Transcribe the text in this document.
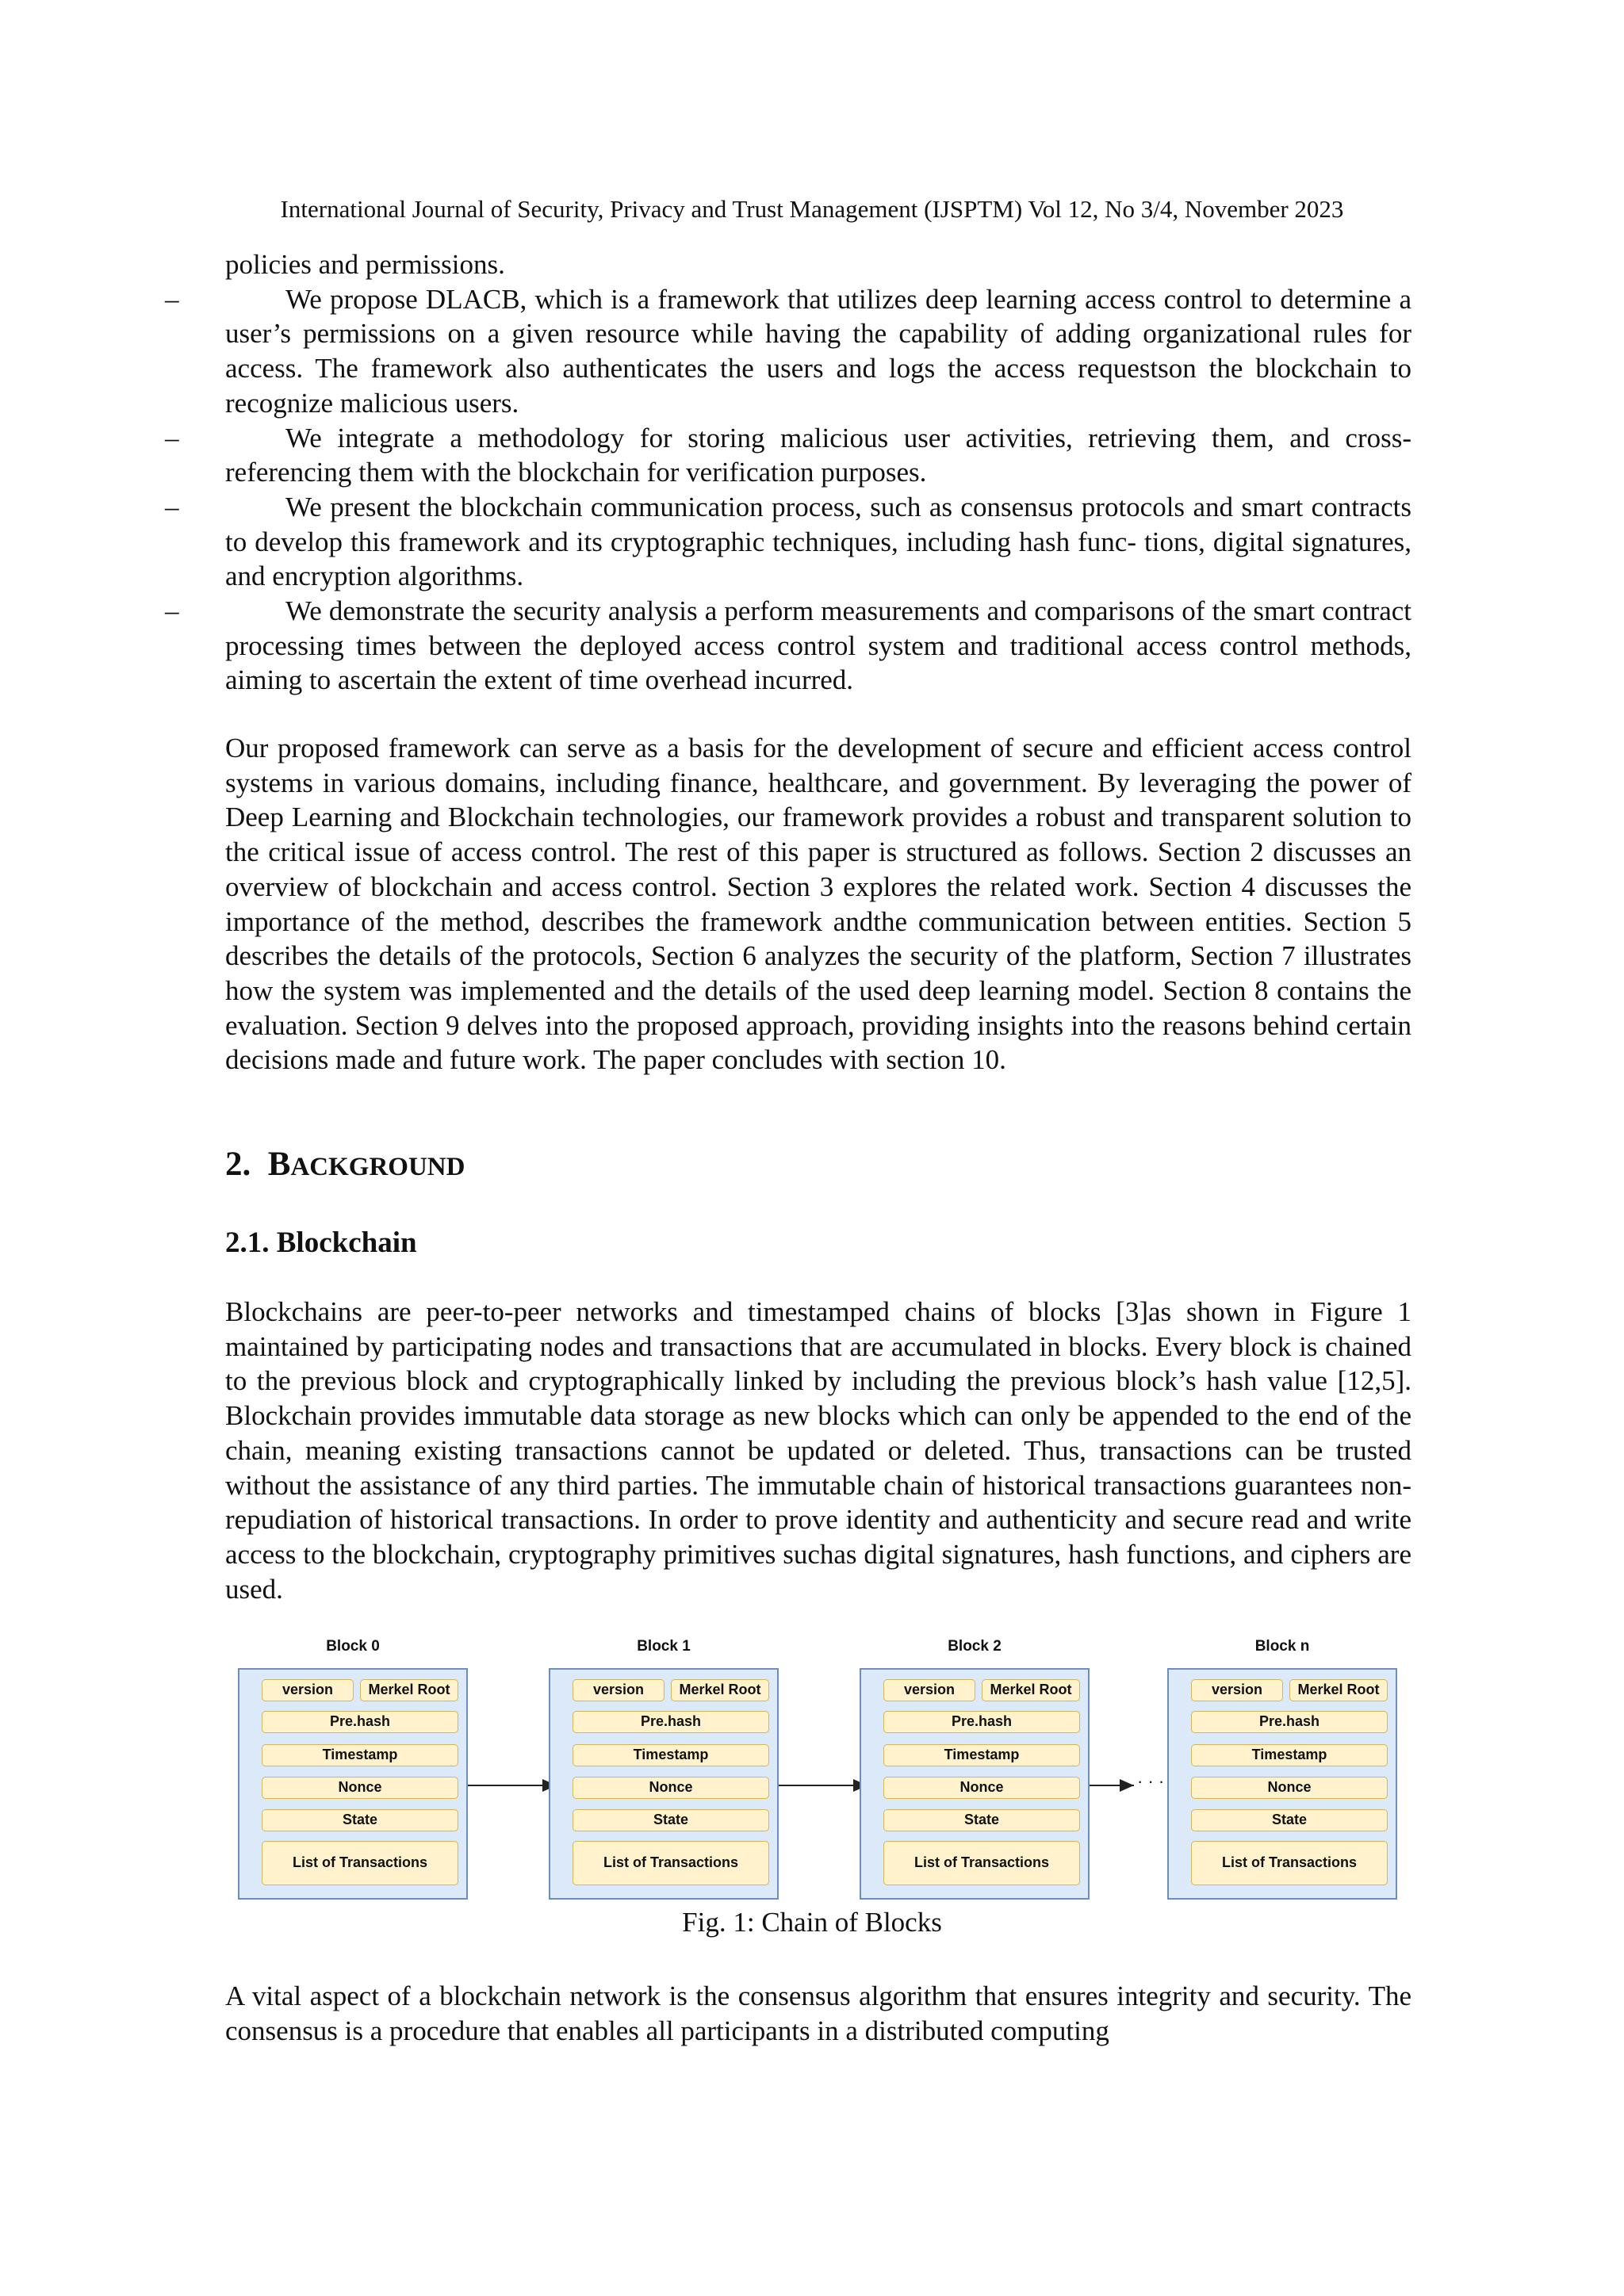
International Journal of Security, Privacy and Trust Management (IJSPTM) Vol 12, No 3/4, November 2023

policies and permissions.

–	We propose DLACB, which is a framework that utilizes deep learning access control to determine a user’s permissions on a given resource while having the capability of adding organizational rules for access. The framework also authenticates the users and logs the access requestson the blockchain to recognize malicious users.

–	We integrate a methodology for storing malicious user activities, retrieving them, and cross-referencing them with the blockchain for verification purposes.

–	We present the blockchain communication process, such as consensus protocols and smart contracts to develop this framework and its cryptographic techniques, including hash func- tions, digital signatures, and encryption algorithms.

–	We demonstrate the security analysis a perform measurements and comparisons of the smart contract processing times between the deployed access control system and traditional access control methods, aiming to ascertain the extent of time overhead incurred.

Our proposed framework can serve as a basis for the development of secure and efficient access control systems in various domains, including finance, healthcare, and government. By leveraging the power of Deep Learning and Blockchain technologies, our framework provides a robust and transparent solution to the critical issue of access control. The rest of this paper is structured as follows. Section 2 discusses an overview of blockchain and access control. Section 3 explores the related work. Section 4 discusses the importance of the method, describes the framework andthe communication between entities. Section 5 describes the details of the protocols, Section 6 analyzes the security of the platform, Section 7 illustrates how the system was implemented and the details of the used deep learning model. Section 8 contains the evaluation. Section 9 delves into the proposed approach, providing insights into the reasons behind certain decisions made and future work. The paper concludes with section 10.
2. BACKGROUND
2.1. Blockchain
Blockchains are peer-to-peer networks and timestamped chains of blocks [3]as shown in Figure 1 maintained by participating nodes and transactions that are accumulated in blocks. Every block is chained to the previous block and cryptographically linked by including the previous block’s hash value [12,5]. Blockchain provides immutable data storage as new blocks which can only be appended to the end of the chain, meaning existing transactions cannot be updated or deleted. Thus, transactions can be trusted without the assistance of any third parties. The immutable chain of historical transactions guarantees non-repudiation of historical transactions. In order to prove identity and authenticity and secure read and write access to the blockchain, cryptography primitives suchas digital signatures, hash functions, and ciphers are used.
· · ·
Block 0
version	Merkel Root
Pre.hash
Timestamp
Nonce
State
List of Transactions
Block 1
version	Merkel Root
Pre.hash
Timestamp
Nonce
State
List of Transactions
Block 2
version	Merkel Root
Pre.hash
Timestamp
Nonce
State
List of Transactions
Block n
version	Merkel Root
Pre.hash
Timestamp
Nonce
State
List of Transactions
Fig. 1: Chain of Blocks
A vital aspect of a blockchain network is the consensus algorithm that ensures integrity and security. The consensus is a procedure that enables all participants in a distributed computing
